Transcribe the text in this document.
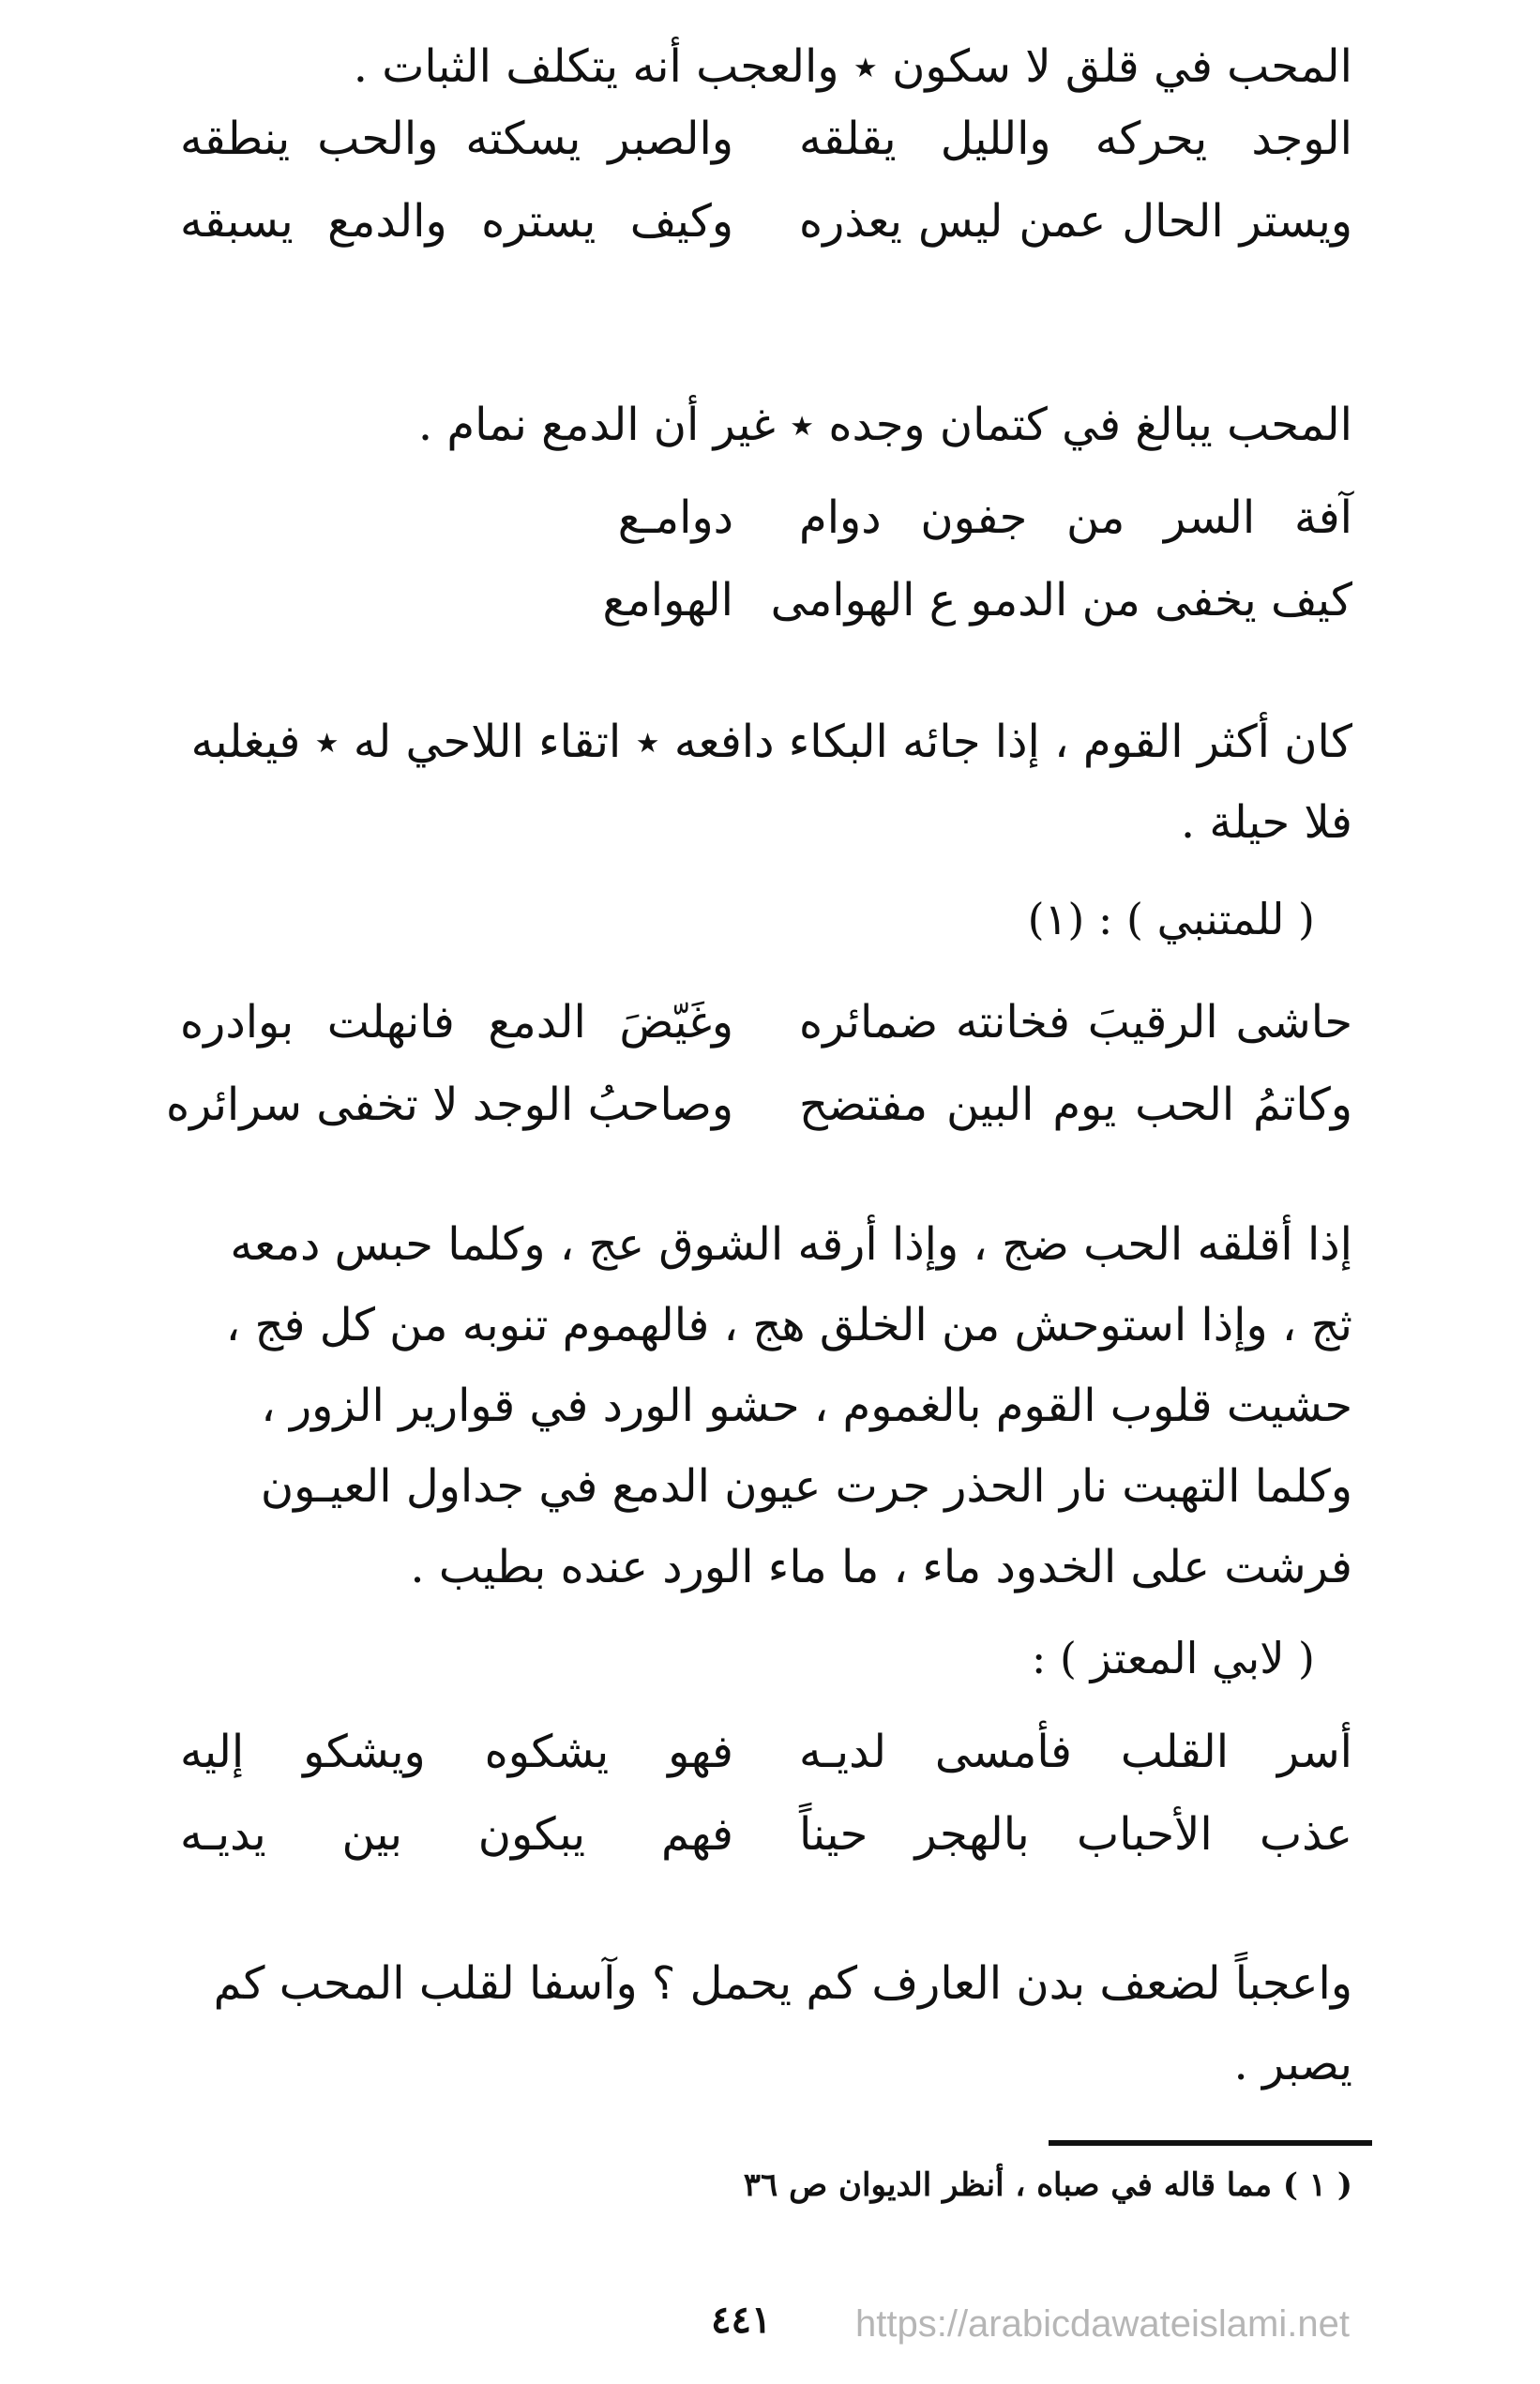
المحب في قلق لا سكون ٭ والعجب أنه يتكلف الثبات .

الوجد يحركه والليل يقلقه
والصبر يسكته والحب ينطقه
ويستر الحال عمن ليس يعذره
وكيف يستره والدمع يسبقه

المحب يبالغ في كتمان وجده ٭ غير أن الدمع نمام .

آفة السر من جفون دوام
دوامـع
كيف يخفى من الدمو ع الهوامى
الهوامع

كان أكثر القوم ، إذا جائه البكاء دافعه ٭ اتقاء اللاحي له ٭ فيغلبه فلا حيلة .

( للمتنبي ) : (١)

حاشى الرقيبَ فخانته ضمائره
وغَيّضَ الدمع فانهلت بوادره
وكاتمُ الحب يوم البين مفتضح
وصاحبُ الوجد لا تخفى سرائره

إذا أقلقه الحب ضج ، وإذا أرقه الشوق عج ، وكلما حبس دمعه ثج ، وإذا استوحش من الخلق هج ، فالهموم تنوبه من كل فج ، حشيت قلوب القوم بالغموم ، حشو الورد في قوارير الزور ، وكلما التهبت نار الحذر جرت عيون الدمع في جداول العيـون فرشت على الخدود ماء ، ما ماء الورد عنده بطيب .

( لابي المعتز ) :

أسر القلب فأمسى لديـه
فهو يشكوه ويشكو إليه
عذب الأحباب بالهجر حيناً
فهم يبكون بين يديـه

واعجباً لضعف بدن العارف كم يحمل ؟ وآسفا لقلب المحب كم يصبر .

( ١ ) مما قاله في صباه ، أنظر الديوان ص ٣٦

٤٤١ https://arabicdawateislami.net
